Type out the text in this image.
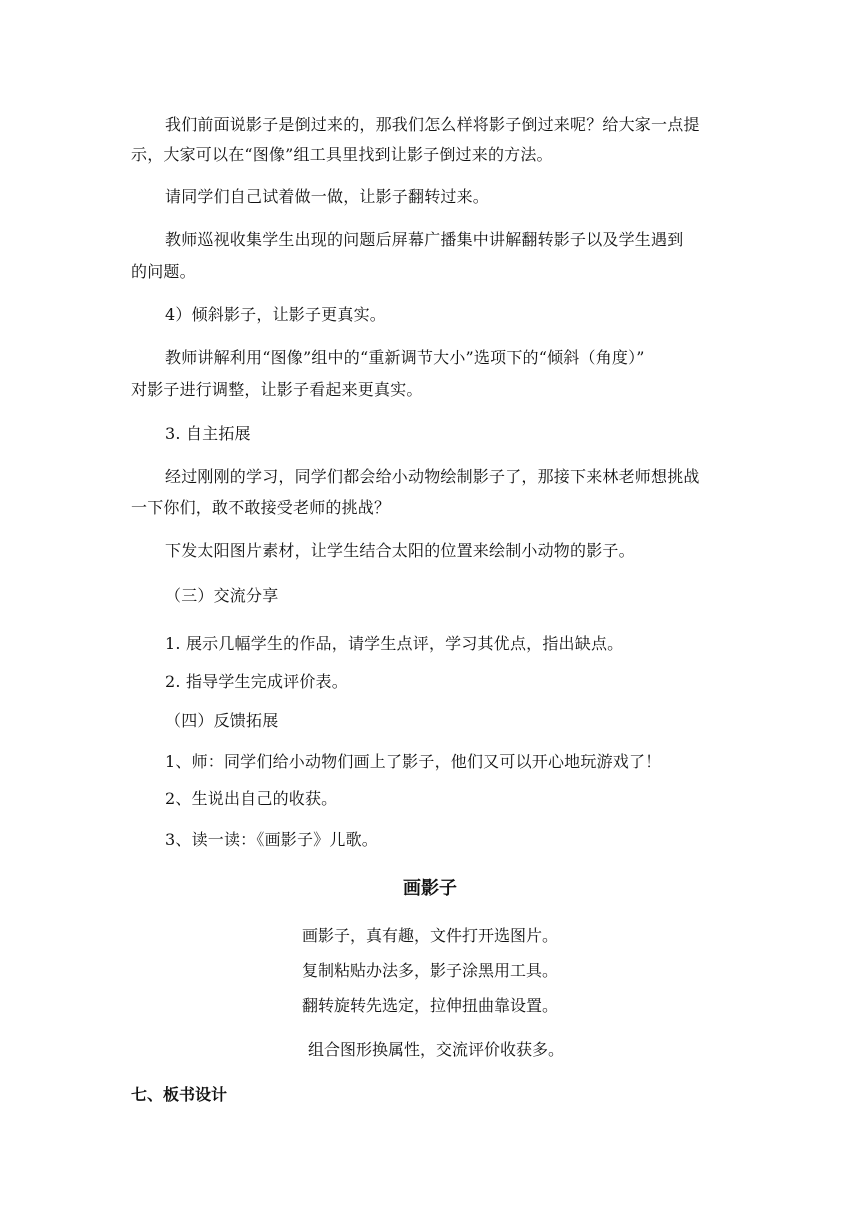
我们前面说影子是倒过来的，那我们怎么样将影子倒过来呢？给大家一点提
示，大家可以在“图像”组工具里找到让影子倒过来的方法。
请同学们自己试着做一做，让影子翻转过来。
教师巡视收集学生出现的问题后屏幕广播集中讲解翻转影子以及学生遇到
的问题。
4）倾斜影子，让影子更真实。
教师讲解利用“图像”组中的“重新调节大小”选项下的“倾斜（角度）”
对影子进行调整，让影子看起来更真实。
3. 自主拓展
经过刚刚的学习，同学们都会给小动物绘制影子了，那接下来林老师想挑战
一下你们，敢不敢接受老师的挑战？
下发太阳图片素材，让学生结合太阳的位置来绘制小动物的影子。
（三）交流分享
1. 展示几幅学生的作品，请学生点评，学习其优点，指出缺点。
2. 指导学生完成评价表。
（四）反馈拓展
1、师：同学们给小动物们画上了影子，他们又可以开心地玩游戏了！
2、生说出自己的收获。
3、读一读：《画影子》儿歌。
画影子
画影子，真有趣，文件打开选图片。
复制粘贴办法多，影子涂黑用工具。
翻转旋转先选定，拉伸扭曲靠设置。
组合图形换属性，交流评价收获多。
七、板书设计
